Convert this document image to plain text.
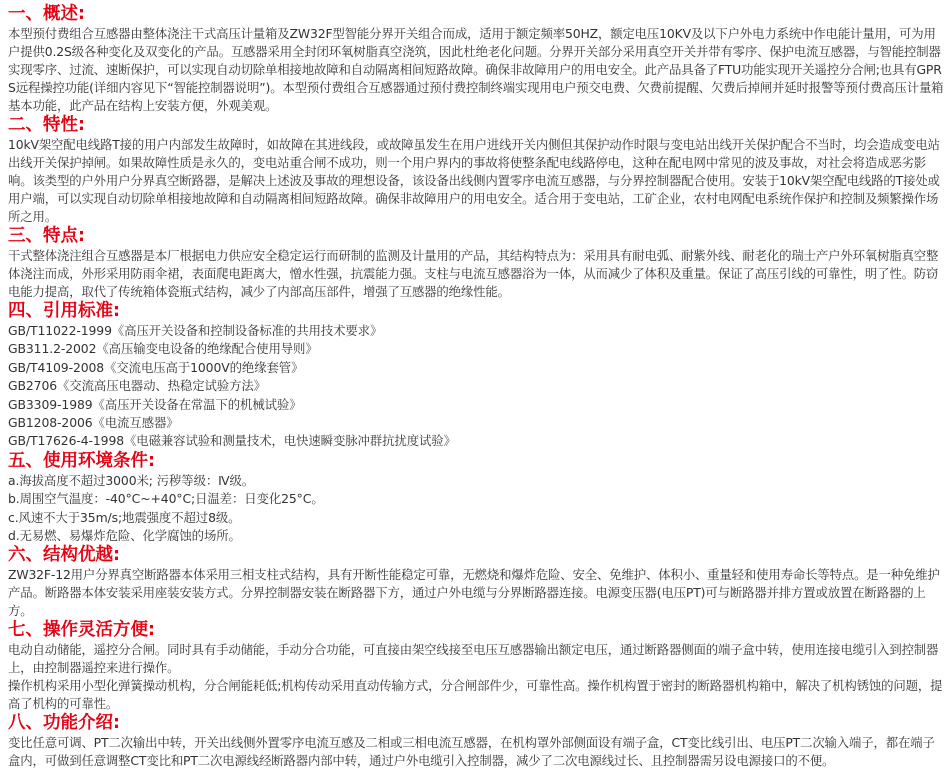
一、概述:
本型预付费组合互感器由整体浇注干式高压计量箱及ZW32F型智能分界开关组合而成，适用于额定频率50HZ，额定电压10KV及以下户外电力系统中作电能计量用，可为用户提供0.2S级各种变化及双变化的产品。互感器采用全封闭环氧树脂真空浇筑，因此杜绝老化问题。分界开关部分采用真空开关并带有零序、保护电流互感器，与智能控制器实现零序、过流、速断保护，可以实现自动切除单相接地故障和自动隔离相间短路故障。确保非故障用户的用电安全。此产品具备了FTU功能实现开关遥控分合闸;也具有GPRS远程操控功能(详细内容见下“智能控制器说明”)。本型预付费组合互感器通过预付费控制终端实现用电户预交电费、欠费前提醒、欠费后掉闸并延时报警等预付费高压计量箱基本功能，此产品在结构上安装方便，外观美观。
二、特性:
10kV架空配电线路T接的用户内部发生故障时，如故障在其进线段，或故障虽发生在用户进线开关内侧但其保护动作时限与变电站出线开关保护配合不当时，均会造成变电站出线开关保护掉闸。如果故障性质是永久的，变电站重合闸不成功，则一个用户界内的事故将使整条配电线路停电，这种在配电网中常见的波及事故，对社会将造成恶劣影响。该类型的户外用户分界真空断路器，是解决上述波及事故的理想设备，该设备出线侧内置零序电流互感器，与分界控制器配合使用。安装于10kV架空配电线路的T接处或用户端，可以实现自动切除单相接地故障和自动隔离相间短路故障。确保非故障用户的用电安全。适合用于变电站，工矿企业，农村电网配电系统作保护和控制及频繁操作场所之用。
三、特点:
干式整体浇注组合互感器是本厂根据电力供应安全稳定运行而研制的监测及计量用的产品，其结构特点为：采用具有耐电弧、耐紫外线、耐老化的瑞士产户外环氧树脂真空整体浇注而成，外形采用防雨伞裙，表面爬电距离大，憎水性强，抗震能力强。支柱与电流互感器浴为一体，从而减少了体积及重量。保证了高压引线的可靠性，明了性。防窃电能力提高，取代了传统箱体瓷瓶式结构，减少了内部高压部件，增强了互感器的绝缘性能。
四、引用标准:
GB/T11022-1999《高压开关设备和控制设备标准的共用技术要求》
GB311.2-2002《高压输变电设备的绝缘配合使用导则》
GB/T4109-2008《交流电压高于1000V的绝缘套管》
GB2706《交流高压电器动、热稳定试验方法》
GB3309-1989《高压开关设备在常温下的机械试验》
GB1208-2006《电流互感器》
GB/T17626-4-1998《电磁兼容试验和测量技术，电快速瞬变脉冲群抗扰度试验》
五、使用环境条件:
a.海拔高度不超过3000米; 污秽等级：Ⅳ级。
b.周围空气温度：-40°C~+40°C;日温差：日变化25°C。
c.风速不大于35m/s;地震强度不超过8级。
d.无易燃、易爆炸危险、化学腐蚀的场所。
六、结构优越:
ZW32F-12用户分界真空断路器本体采用三相支柱式结构，具有开断性能稳定可靠，无燃烧和爆炸危险、安全、免维护、体积小、重量轻和使用寿命长等特点。是一种免维护产品。断路器本体安装采用座装安装方式。分界控制器安装在断路器下方，通过户外电缆与分界断路器连接。电源变压器(电压PT)可与断路器并排方置或放置在断路器的上方。
七、操作灵活方便:
电动自动储能，遥控分合闸。同时具有手动储能，手动分合功能，可直接由架空线接至电压互感器输出额定电压，通过断路器侧面的端子盒中转，使用连接电缆引入到控制器上，由控制器遥控来进行操作。
操作机构采用小型化弹簧操动机构，分合闸能耗低;机构传动采用直动传输方式，分合闸部件少，可靠性高。操作机构置于密封的断路器机构箱中，解决了机构锈蚀的问题，提高了机构的可靠性。
八、功能介绍:
变比任意可调、PT二次输出中转，开关出线侧外置零序电流互感及二相或三相电流互感器，在机构罩外部侧面设有端子盒，CT变比线引出、电压PT二次输入端子，都在端子盒内，可做到任意调整CT变比和PT二次电源线经断路器内部中转，通过户外电缆引入控制器，减少了二次电源线过长、且控制器需另设电源接口的不便。
